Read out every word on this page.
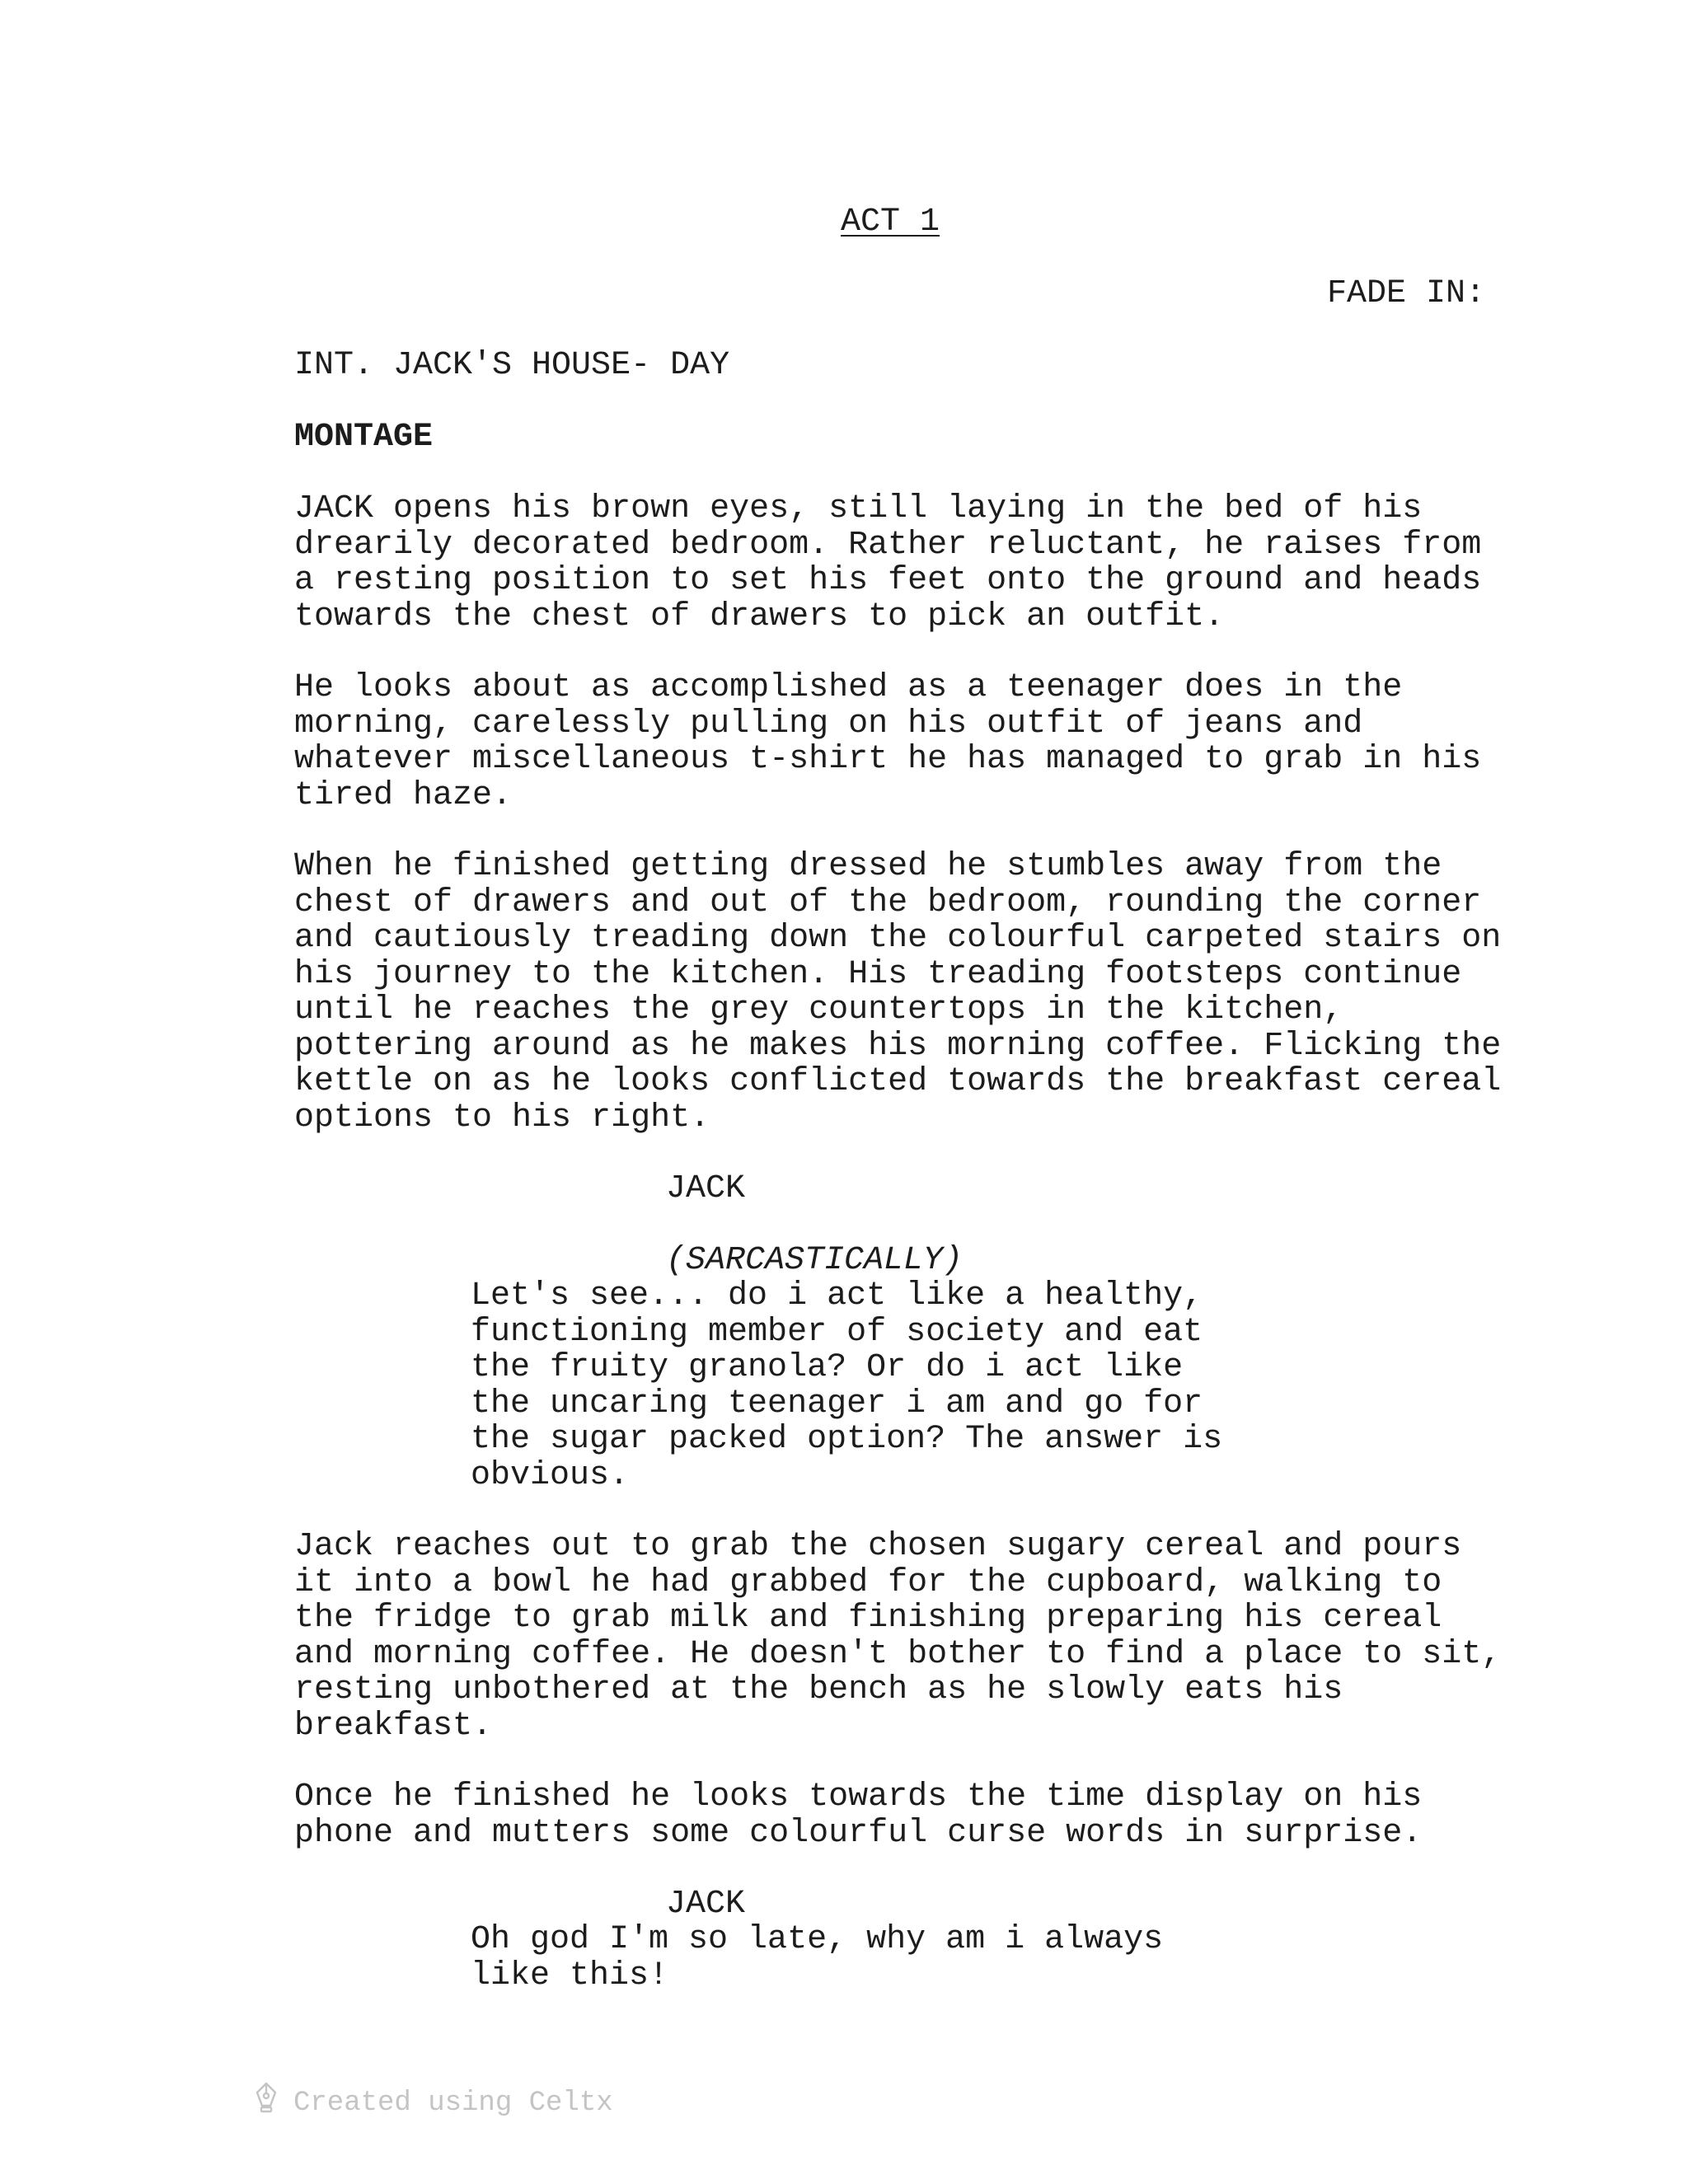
ACT 1
FADE IN:
INT. JACK'S HOUSE- DAY
MONTAGE

JACK opens his brown eyes, still laying in the bed of his
drearily decorated bedroom. Rather reluctant, he raises from
a resting position to set his feet onto the ground and heads
towards the chest of drawers to pick an outfit.

He looks about as accomplished as a teenager does in the
morning, carelessly pulling on his outfit of jeans and
whatever miscellaneous t-shirt he has managed to grab in his
tired haze.

When he finished getting dressed he stumbles away from the
chest of drawers and out of the bedroom, rounding the corner
and cautiously treading down the colourful carpeted stairs on
his journey to the kitchen. His treading footsteps continue
until he reaches the grey countertops in the kitchen,
pottering around as he makes his morning coffee. Flicking the
kettle on as he looks conflicted towards the breakfast cereal
options to his right.

JACK
(SARCASTICALLY)

Let's see... do i act like a healthy,
functioning member of society and eat
the fruity granola? Or do i act like
the uncaring teenager i am and go for
the sugar packed option? The answer is
obvious.

Jack reaches out to grab the chosen sugary cereal and pours
it into a bowl he had grabbed for the cupboard, walking to
the fridge to grab milk and finishing preparing his cereal
and morning coffee. He doesn't bother to find a place to sit,
resting unbothered at the bench as he slowly eats his
breakfast.

Once he finished he looks towards the time display on his
phone and mutters some colourful curse words in surprise.

JACK

Oh god I'm so late, why am i always
like this!

Created using Celtx
